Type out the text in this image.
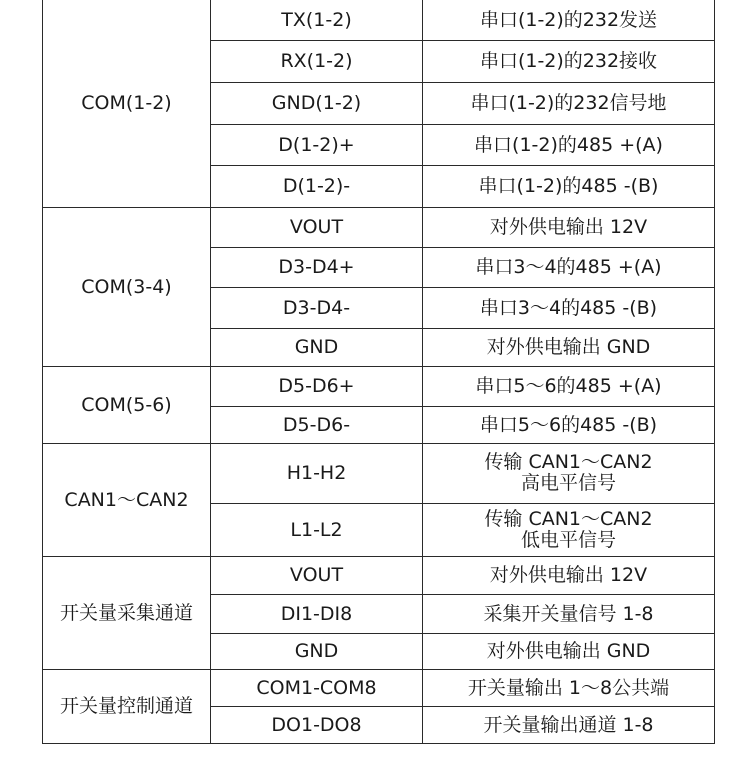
COM(1-2)	TX(1-2)	串口(1-2)的232发送
	RX(1-2)	串口(1-2)的232接收
	GND(1-2)	串口(1-2)的232信号地
	D(1-2)+	串口(1-2)的485 +(A)
	D(1-2)-	串口(1-2)的485 -(B)
COM(3-4)	VOUT	对外供电输出 12V
	D3-D4+	串口3～4的485 +(A)
	D3-D4-	串口3～4的485 -(B)
	GND	对外供电输出 GND
COM(5-6)	D5-D6+	串口5～6的485 +(A)
	D5-D6-	串口5～6的485 -(B)
CAN1～CAN2	H1-H2	传输 CAN1～CAN2
高电平信号

	L1-L2	传输 CAN1～CAN2
低电平信号

开关量采集通道	VOUT	对外供电输出 12V
	DI1-DI8	采集开关量信号 1-8
	GND	对外供电输出 GND
开关量控制通道	COM1-COM8	开关量输出 1～8公共端
	DO1-DO8	开关量输出通道 1-8
